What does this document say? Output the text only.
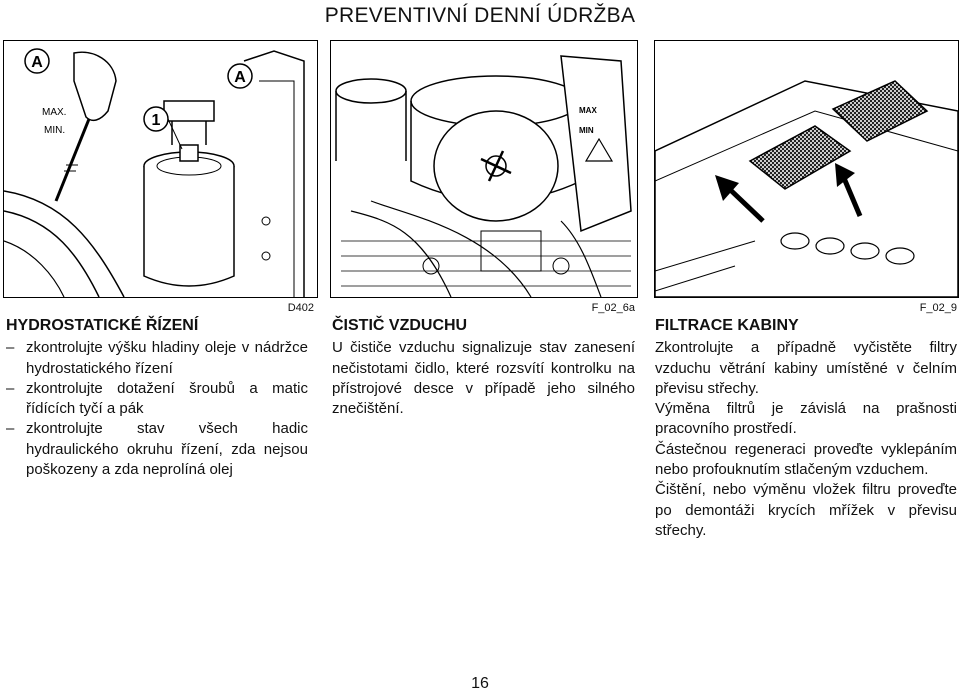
PREVENTIVNÍ DENNÍ ÚDRŽBA
A
A
1
MAX.
MIN.
D402
MAX
MIN
F_02_6a	F_02_9
HYDROSTATICKÉ ŘÍZENÍ
– zkontrolujte výšku hladiny oleje v nádržce hydrostatického řízení
– zkontrolujte dotažení šroubů a matic řídících tyčí a pák
– zkontrolujte stav všech hadic hydraulického okruhu řízení, zda nejsou poškozeny a zda neprolíná olej
ČISTIČ VZDUCHU

U čističe vzduchu signalizuje stav zanesení nečistotami čidlo, které rozsvítí kontrolku na přístrojové desce v případě jeho silného znečištění.

FILTRACE KABINY

Zkontrolujte a případně vyčistěte filtry vzduchu větrání kabiny umístěné v čelním převisu střechy.

Výměna filtrů je závislá na prašnosti pracovního prostředí.

Částečnou regeneraci proveďte vyklepáním nebo profouknutím stlačeným vzduchem.

Čištění, nebo výměnu vložek filtru proveďte po demontáži krycích mřížek v převisu střechy.

16
